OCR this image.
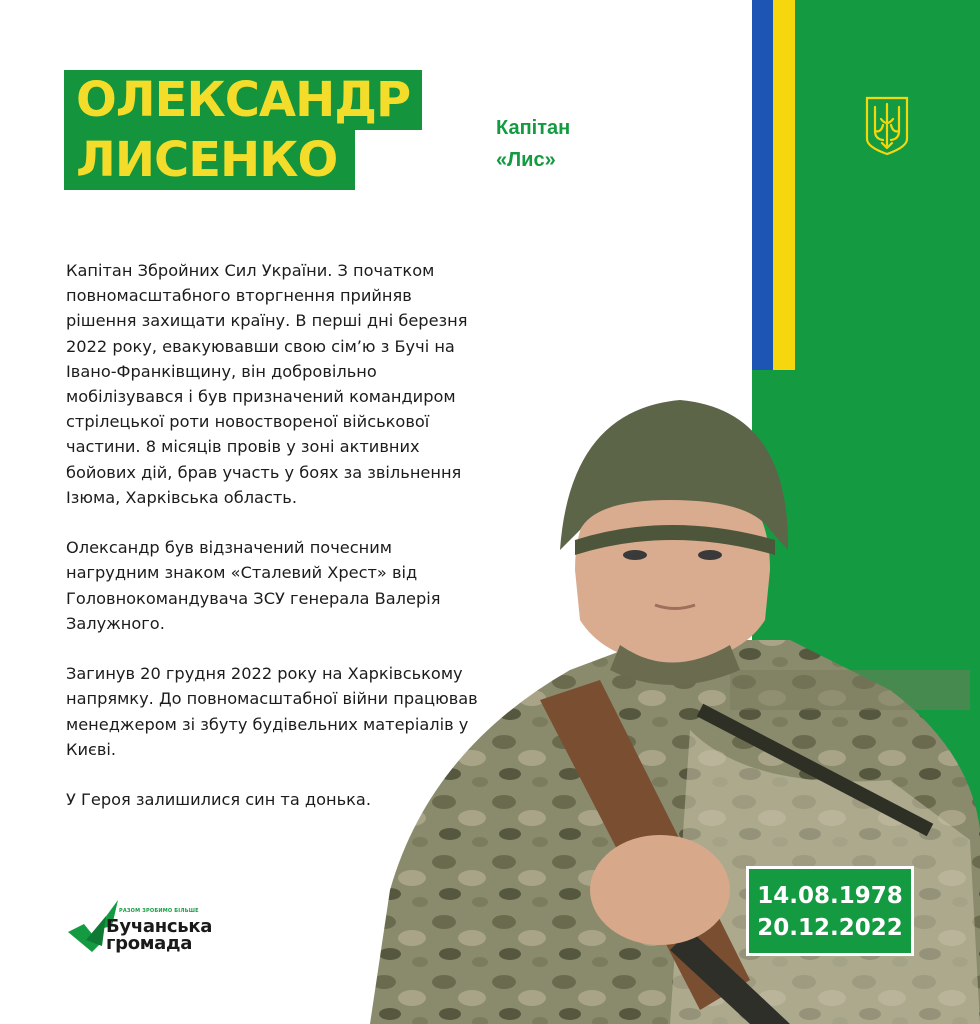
ОЛЕКСАНДР
ЛИСЕНКО
Капітан
«Лис»

Капітан Збройних Сил України. З початком повномасштабного вторгнення прийняв рішення захищати країну. В перші дні березня 2022 року, евакуювавши свою сім’ю з Бучі на Івано-Франківщину, він добровільно мобілізувався і був призначений командиром стрілецької роти новоствореної військової частини. 8 місяців провів у зоні активних бойових дій, брав участь у боях за звільнення Ізюма, Харківська область.

Олександр був відзначений почесним нагрудним знаком «Сталевий Хрест» від Головнокомандувача ЗСУ генерала Валерія Залужного.

Загинув 20 грудня 2022 року на Харківському напрямку. До повномасштабної війни працював менеджером зі збуту будівельних матеріалів у Києві.

У Героя залишилися син та донька.

14.08.1978
20.12.2022
РАЗОМ ЗРОБИМО БІЛЬШЕ
Бучанська
громада
